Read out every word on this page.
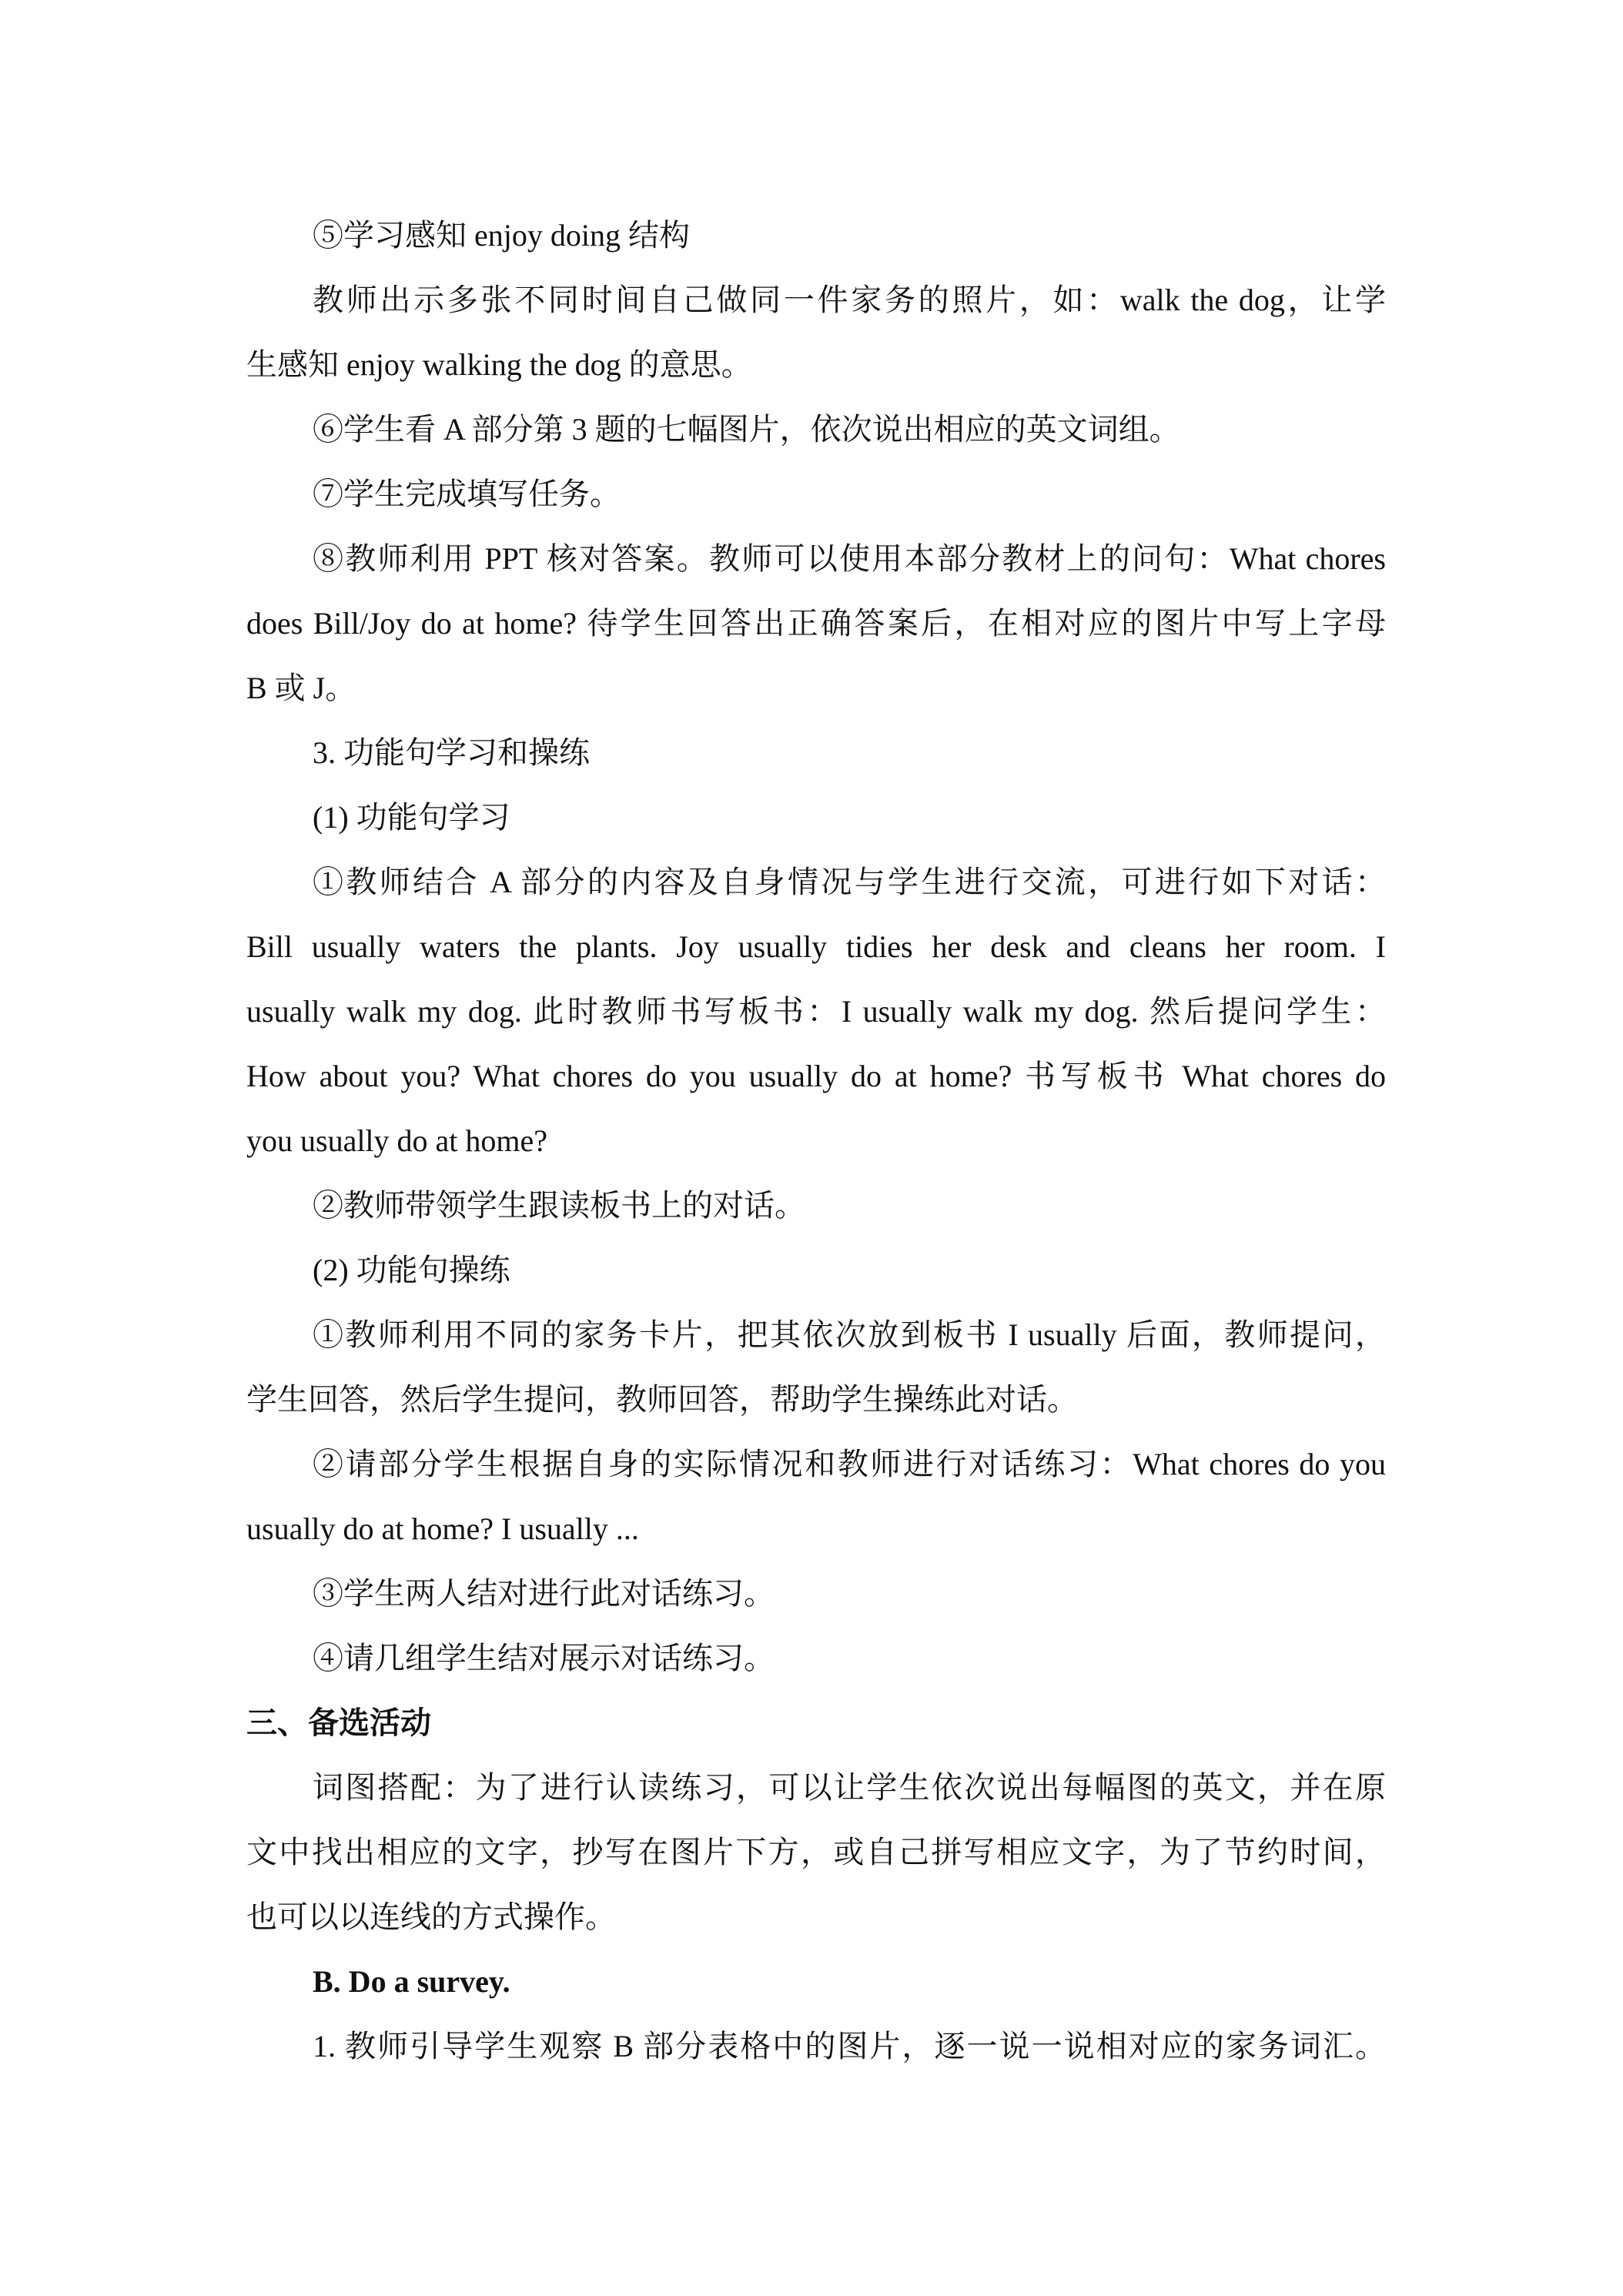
⑤学习感知 enjoy doing 结构

教师出示多张不同时间自己做同一件家务的照片，如：walk the dog，让学

生感知 enjoy walking the dog 的意思。

⑥学生看 A 部分第 3 题的七幅图片，依次说出相应的英文词组。

⑦学生完成填写任务。

⑧教师利用 PPT 核对答案。教师可以使用本部分教材上的问句：What chores

does Bill/Joy do at home? 待学生回答出正确答案后，在相对应的图片中写上字母

B 或 J。

3. 功能句学习和操练

(1) 功能句学习

①教师结合 A 部分的内容及自身情况与学生进行交流，可进行如下对话：

Bill usually waters the plants. Joy usually tidies her desk and cleans her room. I

usually walk my dog. 此时教师书写板书：I usually walk my dog. 然后提问学生：

How about you? What chores do you usually do at home? 书写板书 What chores do

you usually do at home?

②教师带领学生跟读板书上的对话。

(2) 功能句操练

①教师利用不同的家务卡片，把其依次放到板书 I usually 后面，教师提问，

学生回答，然后学生提问，教师回答，帮助学生操练此对话。

②请部分学生根据自身的实际情况和教师进行对话练习：What chores do you

usually do at home? I usually ...

③学生两人结对进行此对话练习。

④请几组学生结对展示对话练习。

三、备选活动

词图搭配：为了进行认读练习，可以让学生依次说出每幅图的英文，并在原

文中找出相应的文字，抄写在图片下方，或自己拼写相应文字，为了节约时间，

也可以以连线的方式操作。

B. Do a survey.

1. 教师引导学生观察 B 部分表格中的图片，逐一说一说相对应的家务词汇。
